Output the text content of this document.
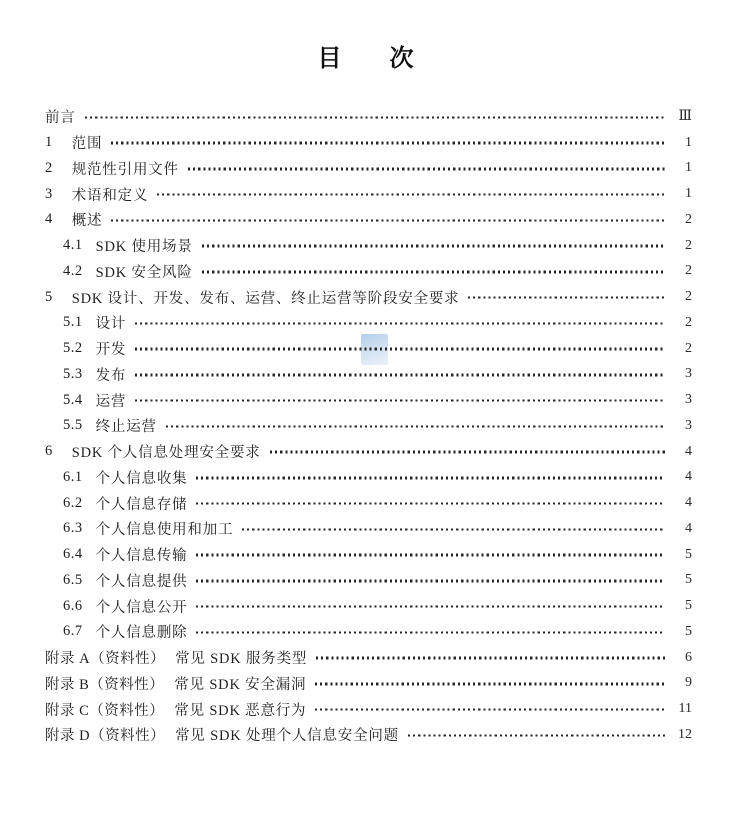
目　　次
前言	Ⅲ
1 范围	1
2 规范性引用文件	1
3 术语和定义	1
4 概述	2
4.1 SDK 使用场景	2
4.2 SDK 安全风险	2
5 SDK 设计、开发、发布、运营、终止运营等阶段安全要求	2
5.1 设计	2
5.2 开发	2
5.3 发布	3
5.4 运营	3
5.5 终止运营	3
6 SDK 个人信息处理安全要求	4
6.1 个人信息收集	4
6.2 个人信息存储	4
6.3 个人信息使用和加工	4
6.4 个人信息传输	5
6.5 个人信息提供	5
6.6 个人信息公开	5
6.7 个人信息删除	5
附录 A（资料性） 常见 SDK 服务类型	6
附录 B（资料性） 常见 SDK 安全漏洞	9
附录 C（资料性） 常见 SDK 恶意行为	11
附录 D（资料性） 常见 SDK 处理个人信息安全问题	12
